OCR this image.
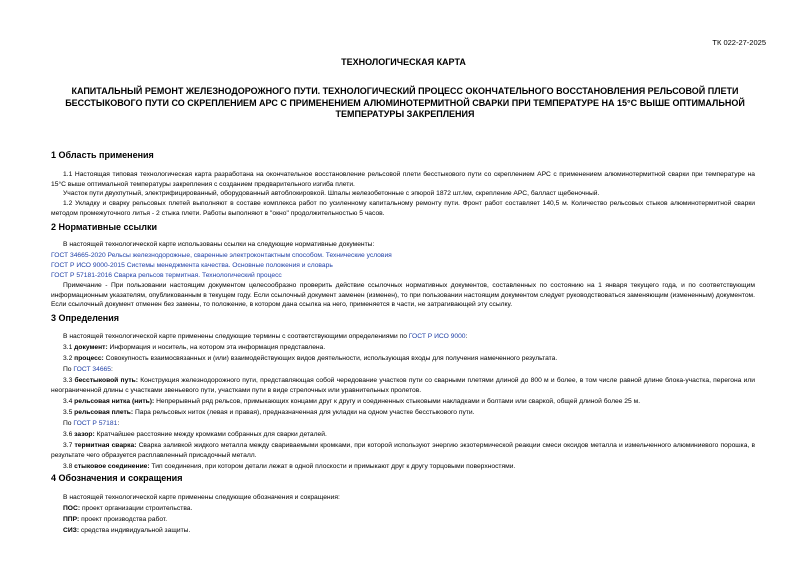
ТК 022-27-2025
ТЕХНОЛОГИЧЕСКАЯ КАРТА
КАПИТАЛЬНЫЙ РЕМОНТ ЖЕЛЕЗНОДОРОЖНОГО ПУТИ. ТЕХНОЛОГИЧЕСКИЙ ПРОЦЕСС ОКОНЧАТЕЛЬНОГО ВОССТАНОВЛЕНИЯ РЕЛЬСОВОЙ ПЛЕТИ БЕССТЫКОВОГО ПУТИ СО СКРЕПЛЕНИЕМ АРС С ПРИМЕНЕНИЕМ АЛЮМИНОТЕРМИТНОЙ СВАРКИ ПРИ ТЕМПЕРАТУРЕ НА 15°С ВЫШЕ ОПТИМАЛЬНОЙ ТЕМПЕРАТУРЫ ЗАКРЕПЛЕНИЯ
1 Область применения
1.1 Настоящая типовая технологическая карта разработана на окончательное восстановление рельсовой плети бесстыкового пути со скреплением АРС с применением алюминотермитной сварки при температуре на 15°С выше оптимальной температуры закрепления с созданием предварительного изгиба плети.
Участок пути двухпутный, электрифицированный, оборудованный автоблокировкой. Шпалы железобетонные с эпюрой 1872 шт./км, скрепление АРС, балласт щебеночный.
1.2 Укладку и сварку рельсовых плетей выполняют в составе комплекса работ по усиленному капитальному ремонту пути. Фронт работ составляет 140,5 м. Количество рельсовых стыков алюминотермитной сварки методом промежуточного литья - 2 стыка плети. Работы выполняют в "окно" продолжительностью 5 часов.
2 Нормативные ссылки
В настоящей технологической карте использованы ссылки на следующие нормативные документы:
ГОСТ 34665-2020 Рельсы железнодорожные, сваренные электроконтактным способом. Технические условия
ГОСТ Р ИСО 9000-2015 Системы менеджмента качества. Основные положения и словарь
ГОСТ Р 57181-2016 Сварка рельсов термитная. Технологический процесс
Примечание - При пользовании настоящим документом целесообразно проверить действие ссылочных нормативных документов, составленных по состоянию на 1 января текущего года, и по соответствующим информационным указателям, опубликованным в текущем году. Если ссылочный документ заменен (изменен), то при пользовании настоящим документом следует руководствоваться заменяющим (измененным) документом. Если ссылочный документ отменен без замены, то положение, в котором дана ссылка на него, применяется в части, не затрагивающей эту ссылку.
3 Определения
В настоящей технологической карте применены следующие термины с соответствующими определениями по ГОСТ Р ИСО 9000:
3.1 документ: Информация и носитель, на котором эта информация представлена.
3.2 процесс: Совокупность взаимосвязанных и (или) взаимодействующих видов деятельности, использующая входы для получения намеченного результата.
По ГОСТ 34665:
3.3 бесстыковой путь: Конструкция железнодорожного пути, представляющая собой чередование участков пути со сварными плетями длиной до 800 м и более, в том числе равной длине блока-участка, перегона или неограниченной длины с участками звеньевого пути, участками пути в виде стрелочных или уравнительных пролетов.
3.4 рельсовая нитка (нить): Непрерывный ряд рельсов, примыкающих концами друг к другу и соединенных стыковыми накладками и болтами или сваркой, общей длиной более 25 м.
3.5 рельсовая плеть: Пара рельсовых ниток (левая и правая), предназначенная для укладки на одном участке бесстыкового пути.
По ГОСТ Р 57181:
3.6 зазор: Кратчайшее расстояние между кромками собранных для сварки деталей.
3.7 термитная сварка: Сварка заливкой жидкого металла между свариваемыми кромками, при которой используют энергию экзотермической реакции смеси оксидов металла и измельченного алюминиевого порошка, в результате чего образуется расплавленный присадочный металл.
3.8 стыковое соединение: Тип соединения, при котором детали лежат в одной плоскости и примыкают друг к другу торцовыми поверхностями.
4 Обозначения и сокращения
В настоящей технологической карте применены следующие обозначения и сокращения:
ПОС: проект организации строительства.
ППР: проект производства работ.
СИЗ: средства индивидуальной защиты.
